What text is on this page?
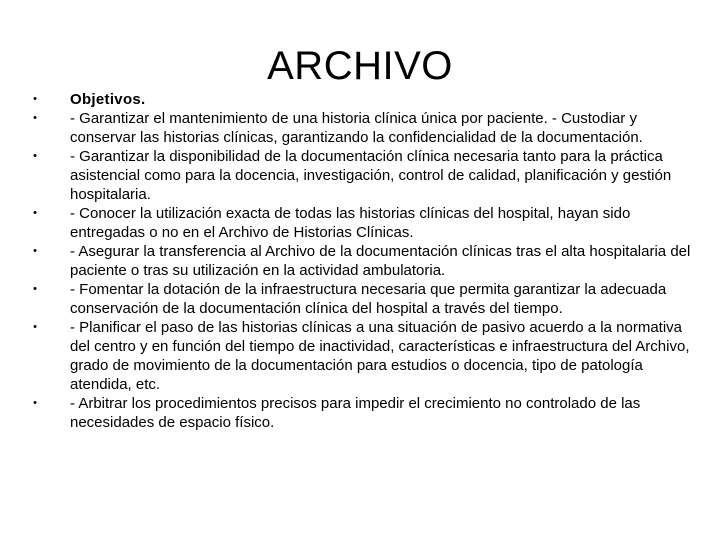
ARCHIVO
• Objetivos.
• - Garantizar el mantenimiento de una historia clínica única por paciente. - Custodiar y conservar las historias clínicas, garantizando la confidencialidad de la documentación.
• - Garantizar la disponibilidad de la documentación clínica necesaria tanto para la práctica asistencial como para la docencia, investigación, control de calidad, planificación y gestión hospitalaria.
• - Conocer la utilización exacta de todas las historias clínicas del hospital, hayan sido entregadas o no en el Archivo de Historias Clínicas.
• - Asegurar la transferencia al Archivo de la documentación clínicas tras el alta hospitalaria del paciente o tras su utilización en la actividad ambulatoria.
• - Fomentar la dotación de la infraestructura necesaria que permita garantizar la adecuada conservación de la documentación clínica del hospital a través del tiempo.
• - Planificar el paso de las historias clínicas a una situación de pasivo acuerdo a la normativa del centro y en función del tiempo de inactividad, características e infraestructura del Archivo, grado de movimiento de la documentación para estudios o docencia, tipo de patología atendida, etc.
• - Arbitrar los procedimientos precisos para impedir el crecimiento no controlado de las necesidades de espacio físico.
